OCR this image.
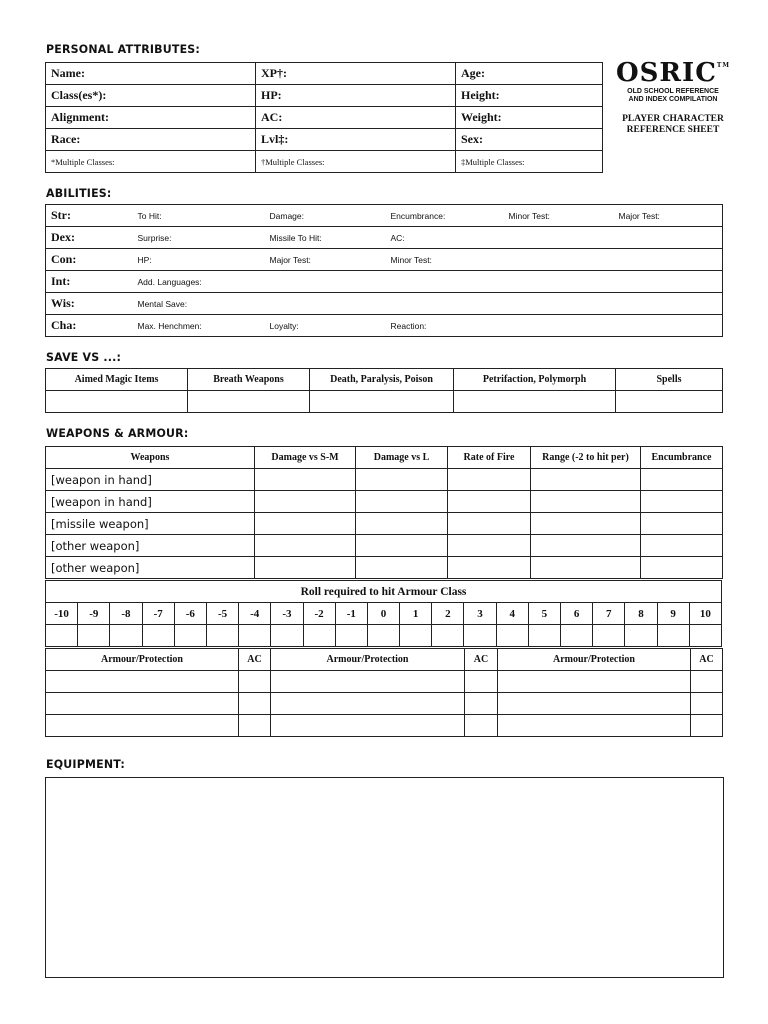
PERSONAL ATTRIBUTES:
Name:	XP†:	Age:
Class(es*):	HP:	Height:
Alignment:	AC:	Weight:
Race:	Lvl‡:	Sex:
*Multiple Classes:	†Multiple Classes:	‡Multiple Classes:
OSRIC™
OLD SCHOOL REFERENCE
AND INDEX COMPILATION
PLAYER CHARACTER
REFERENCE SHEET
ABILITIES:
Str:	To Hit:	Damage:	Encumbrance:	Minor Test:	Major Test:
Dex:	Surprise:	Missile To Hit:	AC:		
Con:	HP:	Major Test:	Minor Test:		
Int:	Add. Languages:				
Wis:	Mental Save:				
Cha:	Max. Henchmen:	Loyalty:	Reaction:		
SAVE VS ...:
Aimed Magic Items	Breath Weapons	Death, Paralysis, Poison	Petrifaction, Polymorph	Spells

WEAPONS & ARMOUR:
Weapons	Damage vs S-M	Damage vs L	Rate of Fire	Range (-2 to hit per)	Encumbrance
[weapon in hand]					
[weapon in hand]					
[missile weapon]					
[other weapon]					
[other weapon]					
Roll required to hit Armour Class																				
-10	-9	-8	-7	-6	-5	-4	-3	-2	-1	0	1	2	3	4	5	6	7	8	9	10

Armour/Protection	AC	Armour/Protection	AC	Armour/Protection	AC

EQUIPMENT:
